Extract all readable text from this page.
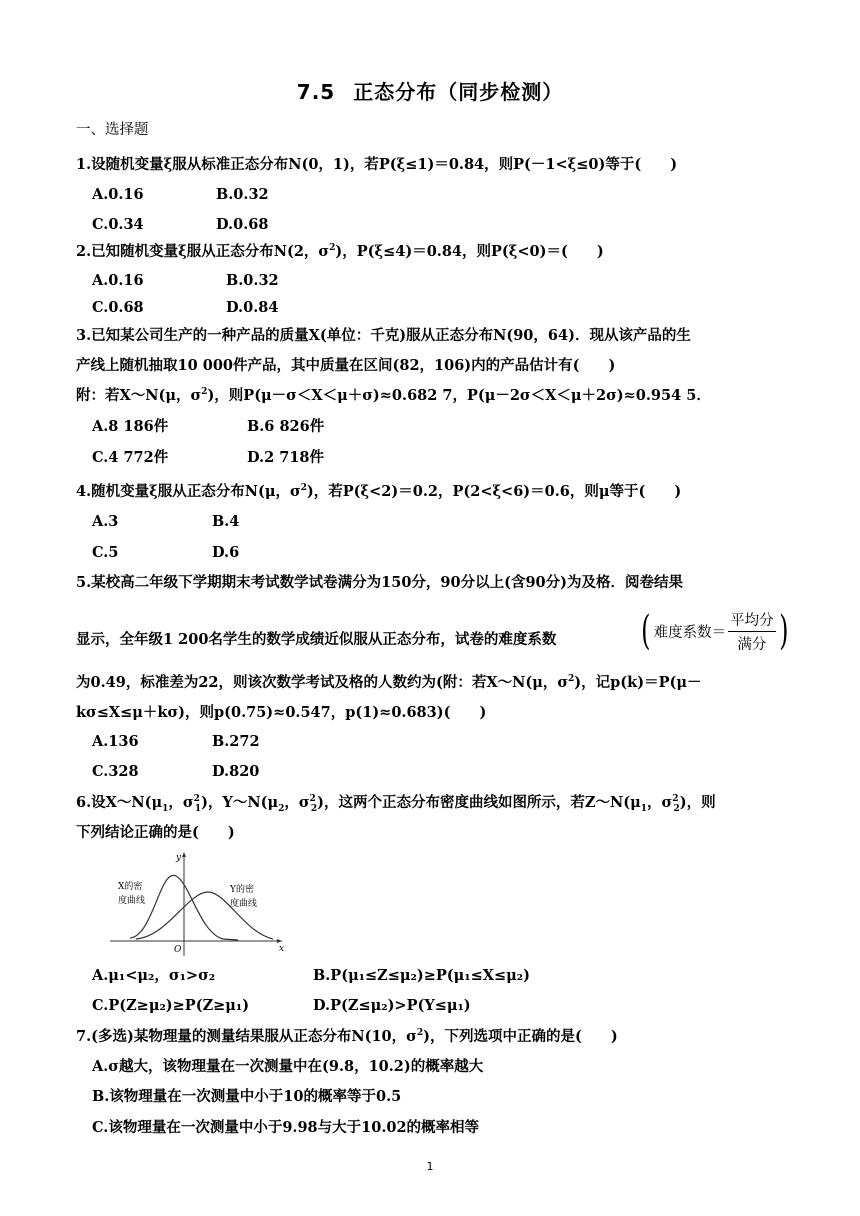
7.5 正态分布（同步检测）
一、选择题
1.设随机变量ξ服从标准正态分布N(0，1)，若P(ξ≤1)＝0.84，则P(－1<ξ≤0)等于(　　)
A.0.16	B.0.32
C.0.34	D.0.68
2.已知随机变量ξ服从正态分布N(2，$\sigma^2$)，P(ξ≤4)＝0.84，则P(ξ<0)＝(　　)
A.0.16	B.0.32
C.0.68	D.0.84
3.已知某公司生产的一种产品的质量X(单位：千克)服从正态分布N(90，64)．现从该产品的生
产线上随机抽取10 000件产品，其中质量在区间(82，106)内的产品估计有(　　)
附：若X～N(μ，$\sigma^2$)，则P(μ－σ＜X＜μ＋σ)≈0.682 7，P(μ－2σ＜X＜μ＋2σ)≈0.954 5．
A.8 186件	B.6 826件
C.4 772件	D.2 718件
4.随机变量ξ服从正态分布N(μ，$\sigma^2$)，若P(ξ<2)＝0.2，P(2<ξ<6)＝0.6，则μ等于(　　)
A.3	B.4
C.5	D.6
5.某校高二年级下学期期末考试数学试卷满分为150分，90分以上(含90分)为及格．阅卷结果
显示，全年级1 200名学生的数学成绩近似服从正态分布，试卷的难度系数 ( 难度系数＝ $\frac{\text{平均分}}{\text{满分}}$ )
为0.49，标准差为22，则该次数学考试及格的人数约为(附：若X～N(μ，$\sigma^2$)，记p(k)＝P(μ－
kσ≤X≤μ＋kσ)，则p(0.75)≈0.547，p(1)≈0.683)(　　)
A.136	B.272
C.328	D.820
6.设$X\sim N(\mu_1$，$\sigma^2_1$)，$Y\sim N(\mu_2$，$\sigma^2_2$)，这两个正态分布密度曲线如图所示，若$Z\sim N(\mu_1$，$\sigma^2_2$)，则
下列结论正确的是(　　)
X的密
度曲线
Y的密
度曲线
y
x
O
A.μ₁<μ₂，σ₁>σ₂	B.P(μ₁≤Z≤μ₂)≥P(μ₁≤X≤μ₂)
C.P(Z≥μ₂)≥P(Z≥μ₁)	D.P(Z≤μ₂)>P(Y≤μ₁)
7.(多选)某物理量的测量结果服从正态分布N(10，$\sigma^2$)，下列选项中正确的是(　　)
A.σ越大，该物理量在一次测量中在(9.8，10.2)的概率越大
B.该物理量在一次测量中小于10的概率等于0.5
C.该物理量在一次测量中小于9.98与大于10.02的概率相等
1
